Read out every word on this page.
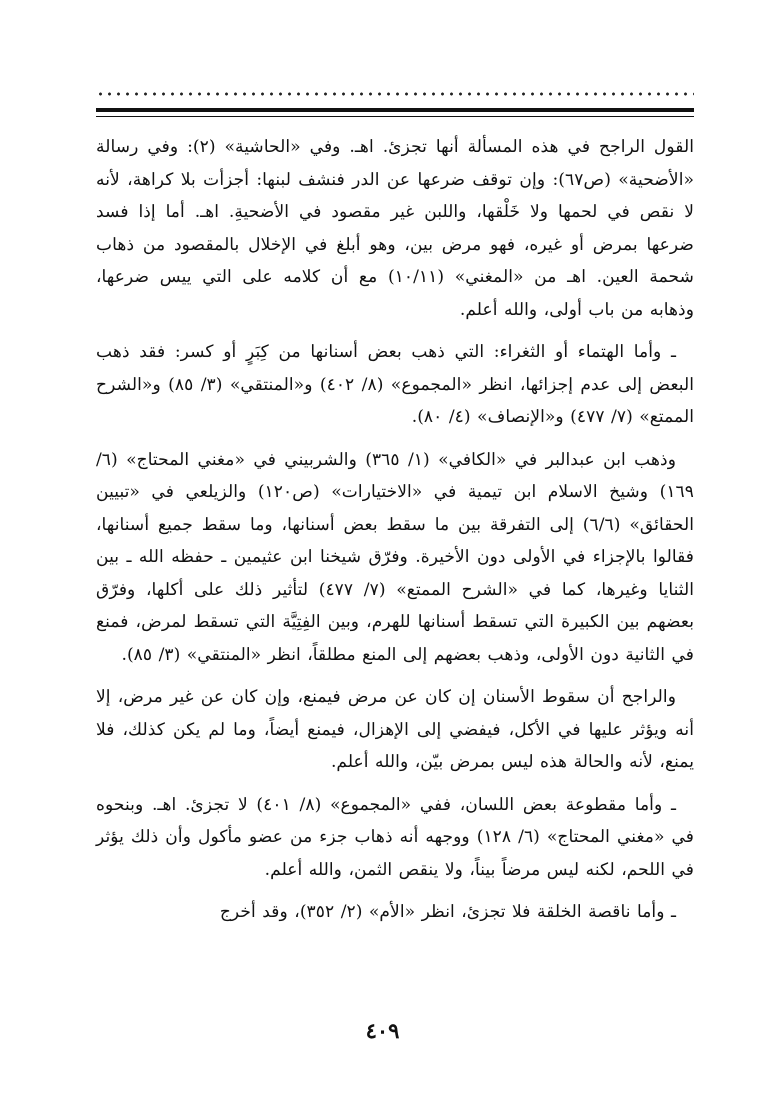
القول الراجح في هذه المسألة أنها تجزئ. اهـ. وفي «الحاشية» (٢): وفي رسالة «الأضحية» (ص٦٧): وإن توقف ضرعها عن الدر فنشف لبنها: أجزأت بلا كراهة، لأنه لا نقص في لحمها ولا خَلْقها، واللبن غير مقصود في الأضحيةِ. اهـ. أما إذا فسد ضرعها بمرض أو غيره، فهو مرض بين، وهو أبلغ في الإخلال بالمقصود من ذهاب شحمة العين. اهـ من «المغني» (١٠/١١) مع أن كلامه على التي ييس ضرعها، وذهابه من باب أولى، والله أعلم.

ـ وأما الهتماء أو الثغراء: التي ذهب بعض أسنانها من كِبَرٍ أو كسر: فقد ذهب البعض إلى عدم إجزائها، انظر «المجموع» (٨/ ٤٠٢) و«المنتقي» (٣/ ٨٥) و«الشرح الممتع» (٧/ ٤٧٧) و«الإنصاف» (٤/ ٨٠).

وذهب ابن عبدالبر في «الكافي» (١/ ٣٦٥) والشربيني في «مغني المحتاج» (٦/ ١٦٩) وشيخ الاسلام ابن تيمية في «الاختيارات» (ص١٢٠) والزيلعي في «تبيين الحقائق» (٦/٦) إلى التفرقة بين ما سقط بعض أسنانها، وما سقط جميع أسنانها، فقالوا بالإجزاء في الأولى دون الأخيرة. وفرّق شيخنا ابن عثيمين ـ حفظه الله ـ بين الثنايا وغيرها، كما في «الشرح الممتع» (٧/ ٤٧٧) لتأثير ذلك على أكلها، وفرّق بعضهم بين الكبيرة التي تسقط أسنانها للهرم، وبين الفِتِيَّة التي تسقط لمرض، فمنع في الثانية دون الأولى، وذهب بعضهم إلى المنع مطلقاً، انظر «المنتقي» (٣/ ٨٥).

والراجح أن سقوط الأسنان إن كان عن مرض فيمنع، وإن كان عن غير مرض، إلا أنه ويؤثر عليها في الأكل، فيفضي إلى الإهزال، فيمنع أيضاً، وما لم يكن كذلك، فلا يمنع، لأنه والحالة هذه ليس بمرض بيّن، والله أعلم.

ـ وأما مقطوعة بعض اللسان، ففي «المجموع» (٨/ ٤٠١) لا تجزئ. اهـ. وبنحوه في «مغني المحتاج» (٦/ ١٢٨) ووجهه أنه ذهاب جزء من عضو مأكول وأن ذلك يؤثر في اللحم، لكنه ليس مرضاً بيناً، ولا ينقص الثمن، والله أعلم.

ـ وأما ناقصة الخلقة فلا تجزئ، انظر «الأم» (٢/ ٣٥٢)، وقد أخرج

٤٠٩
